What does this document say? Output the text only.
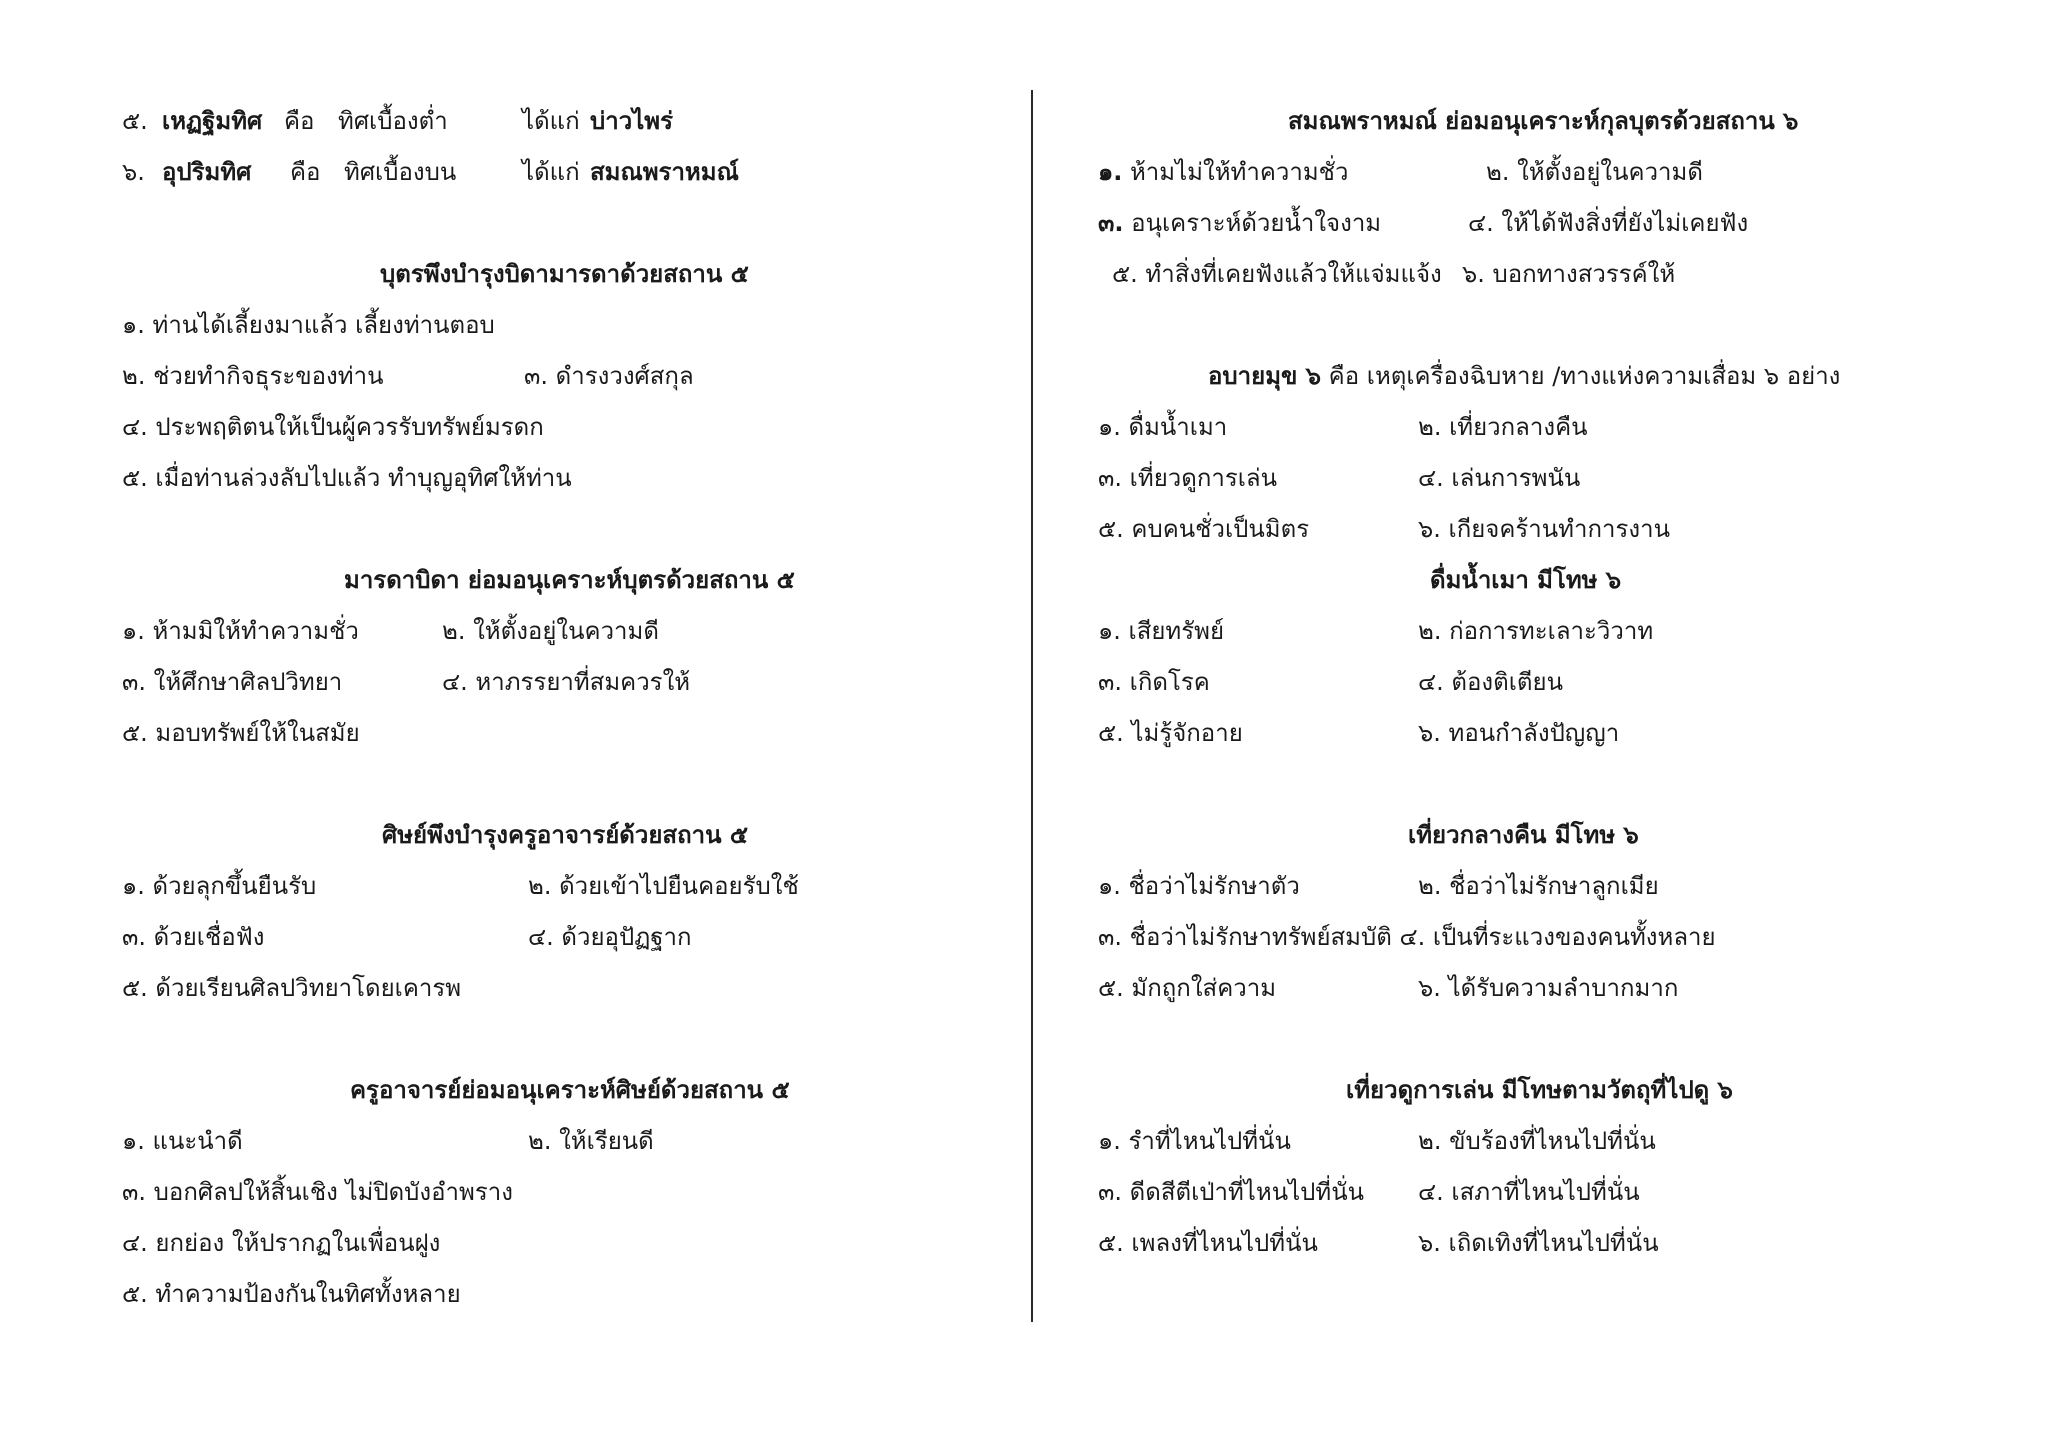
๕. เหฏฐิมทิศ คือ ทิศเบื้องต่ำ	ได้แก่ บ่าวไพร่
๖. อุปริมทิศ คือ ทิศเบื้องบน	ได้แก่ สมณพราหมณ์
บุตรพึงบำรุงบิดามารดาด้วยสถาน ๕
๑. ท่านได้เลี้ยงมาแล้ว เลี้ยงท่านตอบ
๒. ช่วยทำกิจธุระของท่าน	๓. ดำรงวงศ์สกุล
๔. ประพฤติตนให้เป็นผู้ควรรับทรัพย์มรดก
๕. เมื่อท่านล่วงลับไปแล้ว ทำบุญอุทิศให้ท่าน
มารดาบิดา ย่อมอนุเคราะห์บุตรด้วยสถาน ๕
๑. ห้ามมิให้ทำความชั่ว	๒. ให้ตั้งอยู่ในความดี
๓. ให้ศึกษาศิลปวิทยา	๔. หาภรรยาที่สมควรให้
๕. มอบทรัพย์ให้ในสมัย
ศิษย์พึงบำรุงครูอาจารย์ด้วยสถาน ๕
๑. ด้วยลุกขึ้นยืนรับ	๒. ด้วยเข้าไปยืนคอยรับใช้
๓. ด้วยเชื่อฟัง	๔. ด้วยอุปัฏฐาก
๕. ด้วยเรียนศิลปวิทยาโดยเคารพ
ครูอาจารย์ย่อมอนุเคราะห์ศิษย์ด้วยสถาน ๕
๑. แนะนำดี	๒. ให้เรียนดี
๓. บอกศิลปให้สิ้นเชิง ไม่ปิดบังอำพราง
๔. ยกย่อง ให้ปรากฏในเพื่อนฝูง
๕. ทำความป้องกันในทิศทั้งหลาย
สมณพราหมณ์ ย่อมอนุเคราะห์กุลบุตรด้วยสถาน ๖
๑. ห้ามไม่ให้ทำความชั่ว	๒. ให้ตั้งอยู่ในความดี
๓. อนุเคราะห์ด้วยน้ำใจงาม	๔. ให้ได้ฟังสิ่งที่ยังไม่เคยฟัง
๕. ทำสิ่งที่เคยฟังแล้วให้แจ่มแจ้ง ๖. บอกทางสวรรค์ให้
อบายมุข ๖ คือ เหตุเครื่องฉิบหาย /ทางแห่งความเสื่อม ๖ อย่าง
๑. ดื่มน้ำเมา	๒. เที่ยวกลางคืน
๓. เที่ยวดูการเล่น	๔. เล่นการพนัน
๕. คบคนชั่วเป็นมิตร	๖. เกียจคร้านทำการงาน
ดื่มน้ำเมา มีโทษ ๖
๑. เสียทรัพย์	๒. ก่อการทะเลาะวิวาท
๓. เกิดโรค	๔. ต้องติเตียน
๕. ไม่รู้จักอาย	๖. ทอนกำลังปัญญา
เที่ยวกลางคืน มีโทษ ๖
๑. ชื่อว่าไม่รักษาตัว	๒. ชื่อว่าไม่รักษาลูกเมีย
๓. ชื่อว่าไม่รักษาทรัพย์สมบัติ ๔. เป็นที่ระแวงของคนทั้งหลาย
๕. มักถูกใส่ความ	๖. ได้รับความลำบากมาก
เที่ยวดูการเล่น มีโทษตามวัตถุที่ไปดู ๖
๑. รำที่ไหนไปที่นั่น	๒. ขับร้องที่ไหนไปที่นั่น
๓. ดีดสีตีเป่าที่ไหนไปที่นั่น ๔. เสภาที่ไหนไปที่นั่น
๕. เพลงที่ไหนไปที่นั่น	๖. เถิดเทิงที่ไหนไปที่นั่น
